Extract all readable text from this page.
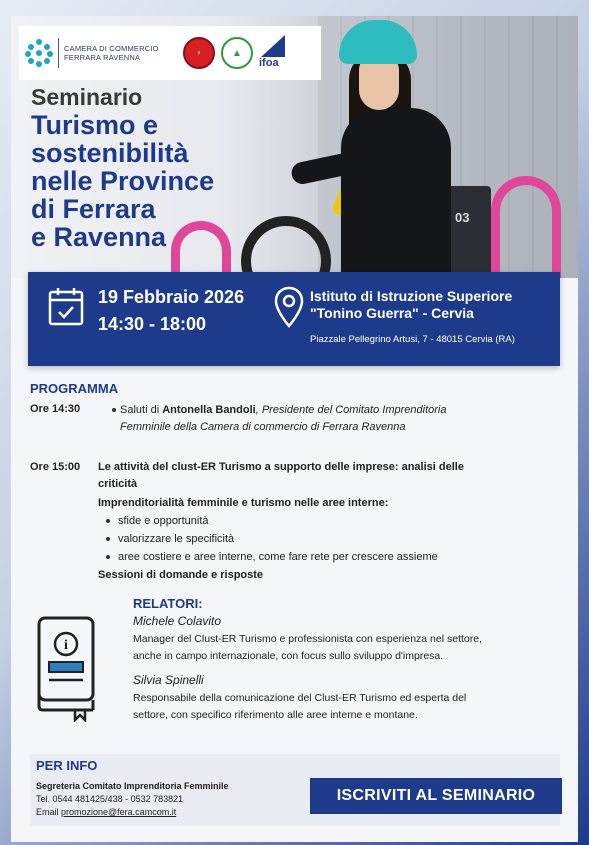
03
CAMERA DI COMMERCIO
FERRARA RAVENNA	♀	▲
ifoa
Seminario
Turismo e
sostenibilità
nelle Province
di Ferrara
e Ravenna
19 Febbraio 2026
14:30 - 18:00
Istituto di Istruzione Superiore
"Tonino Guerra" - Cervia
Piazzale Pellegrino Artusi, 7 - 48015 Cervia (RA)
PROGRAMMA
Ore 14:30	Saluti di Antonella Bandoli, Presidente del Comitato Imprenditoria
Femminile della Camera di commercio di Ferrara Ravenna
Ore 15:00 Le attività del clust-ER Turismo a supporto delle imprese: analisi delle
criticità
Imprenditorialità femminile e turismo nelle aree interne:
sfide e opportunità
valorizzare le specificità
aree costiere e aree interne, come fare rete per crescere assieme
Sessioni di domande e risposte
i
RELATORI:
Michele Colavito
Manager del Clust-ER Turismo e professionista con esperienza nel settore,
anche in campo internazionale, con focus sullo sviluppo d'impresa.
Silvia Spinelli
Responsabile della comunicazione del Clust-ER Turismo ed esperta del
settore, con specifico riferimento alle aree interne e montane.
PER INFO
Segreteria Comitato Imprenditoria Femminile
Tel. 0544 481425/438 - 0532 783821
Email promozione@fera.camcom.it
ISCRIVITI AL SEMINARIO
